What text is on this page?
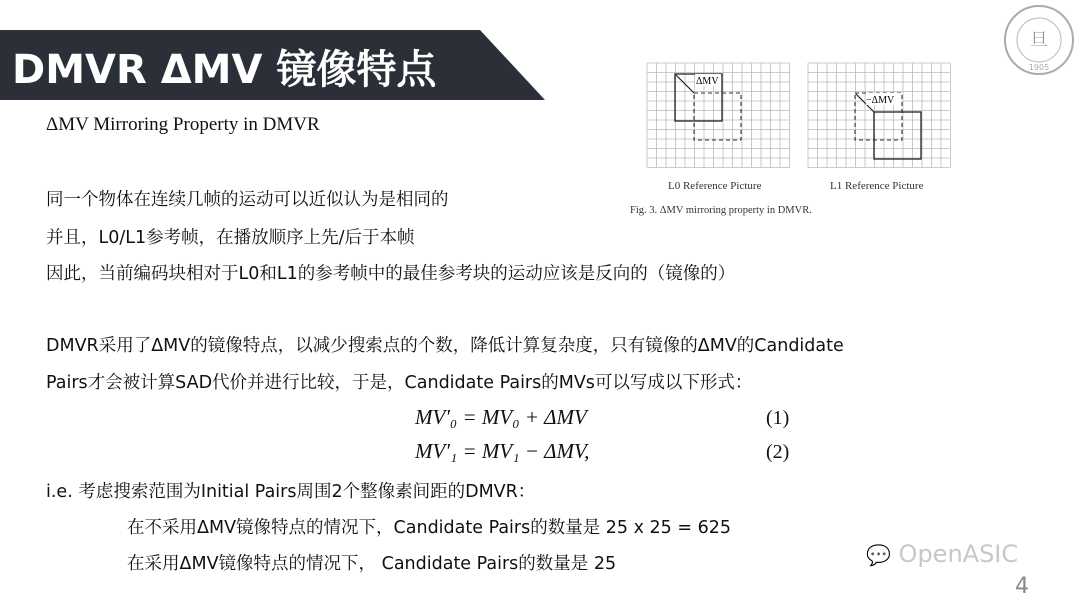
DMVR ΔMV 镜像特点
旦
1905
ΔMV Mirroring Property in DMVR
同一个物体在连续几帧的运动可以近似认为是相同的
并且，L0/L1参考帧，在播放顺序上先/后于本帧
因此，当前编码块相对于L0和L1的参考帧中的最佳参考块的运动应该是反向的（镜像的）
DMVR采用了ΔMV的镜像特点，以减少搜索点的个数，降低计算复杂度，只有镜像的ΔMV的Candidate
Pairs才会被计算SAD代价并进行比较，于是，Candidate Pairs的MVs可以写成以下形式：
MV′₀ = MV₀ + ΔMV	(1)
MV′₁ = MV₁ − ΔMV,	(2)
i.e. 考虑搜索范围为Initial Pairs周围2个整像素间距的DMVR：
在不采用ΔMV镜像特点的情况下，Candidate Pairs的数量是 25 x 25 = 625
在采用ΔMV镜像特点的情况下， Candidate Pairs的数量是 25
ΔMV
−ΔMV
L0 Reference Picture	L1 Reference Picture
Fig. 3. ΔMV mirroring property in DMVR.
💬 OpenASIC
4
